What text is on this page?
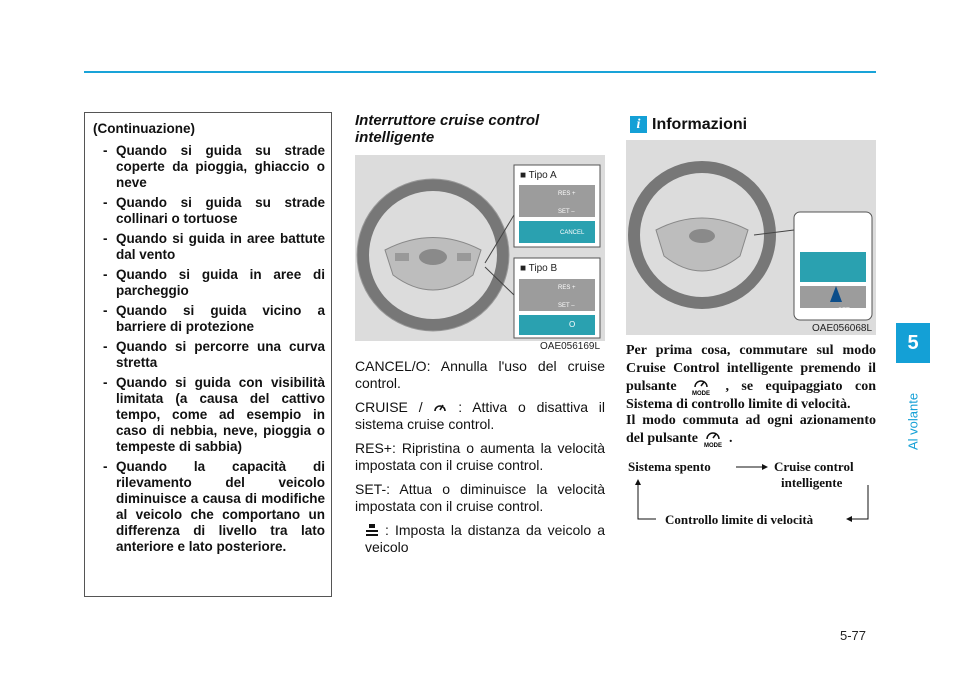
(Continuazione)
- Quando si guida su strade coperte da pioggia, ghiaccio o neve
- Quando si guida su strade collinari o tortuose
- Quando si guida in aree battute dal vento
- Quando si guida in aree di parcheggio
- Quando si guida vicino a barriere di protezione
- Quando si percorre una curva stretta
- Quando si guida con visibilità limitata (a causa del cattivo tempo, come ad esempio in caso di nebbia, neve, pioggia o tempeste di sabbia)
- Quando la capacità di rilevamento del veicolo diminuisce a causa di modifiche al veicolo che comportano un differenza di livello tra lato anteriore e lato posteriore.
Interruttore cruise control intelligente
■ Tipo A
■ Tipo B
RES +
SET –
CANCEL
RES +
SET –
O
OAE056169L
CANCEL/O: Annulla l'uso del cruise control.
CRUISE /	: Attiva o disattiva il sistema cruise control.
RES+: Ripristina o aumenta la velocità impostata con il cruise control.
SET-: Attua o diminuisce la velocità impostata con il cruise control.
: Imposta la distanza da veicolo a veicolo
i Informazioni
SET –
OAE056068L
Per prima cosa, commutare sul modo Cruise Control intelligente premendo il pulsante	MODE , se equipaggiato con Sistema di controllo limite di velocità.
Il modo commuta ad ogni azionamento del pulsante MODE .
Sistema spento	Cruise control
intelligente
Controllo limite di velocità
5
Al volante
5-77
